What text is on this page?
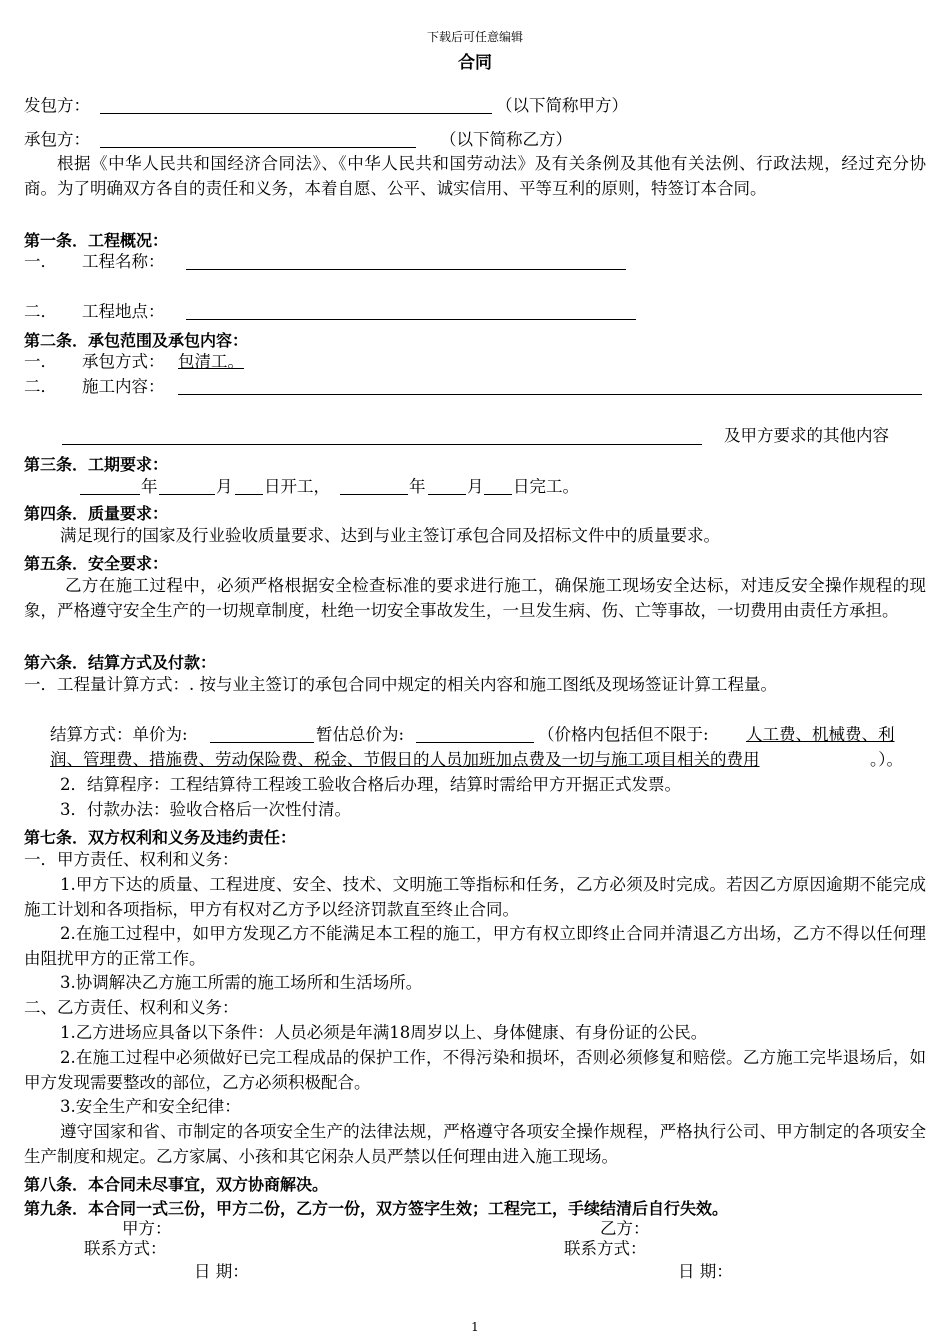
下载后可任意编辑
合同
发包方：	（以下简称甲方）
承包方：	（以下简称乙方）
根据《中华人民共和国经济合同法》、《中华人民共和国劳动法》及有关条例及其他有关法例、行政法规，经过充分协商。为了明确双方各自的责任和义务，本着自愿、公平、诚实信用、平等互利的原则，特签订本合同。
第一条．工程概况：
一． 工程名称：
二． 工程地点：
第二条．承包范围及承包内容：
一． 承包方式： 包清工。
二． 施工内容：
及甲方要求的其他内容
第三条．工期要求：
年	月 日开工，	年	月 日完工。
第四条．质量要求：
满足现行的国家及行业验收质量要求、达到与业主签订承包合同及招标文件中的质量要求。
第五条．安全要求：
乙方在施工过程中，必须严格根据安全检查标准的要求进行施工，确保施工现场安全达标，对违反安全操作规程的现象，严格遵守安全生产的一切规章制度，杜绝一切安全事故发生，一旦发生病、伤、亡等事故，一切费用由责任方承担。
第六条．结算方式及付款：
一．工程量计算方式：. 按与业主签订的承包合同中规定的相关内容和施工图纸及现场签证计算工程量。
结算方式：单价为:	暂估总价为:	（价格内包括但不限于: 人工费、机械费、利
润、管理费、措施费、劳动保险费、税金、节假日的人员加班加点费及一切与施工项目相关的费用	。）。
2．结算程序：工程结算待工程竣工验收合格后办理，结算时需给甲方开据正式发票。
3．付款办法：验收合格后一次性付清。
第七条．双方权利和义务及违约责任：
一．甲方责任、权利和义务：
1.甲方下达的质量、工程进度、安全、技术、文明施工等指标和任务，乙方必须及时完成。若因乙方原因逾期不能完成施工计划和各项指标，甲方有权对乙方予以经济罚款直至终止合同。
2.在施工过程中，如甲方发现乙方不能满足本工程的施工，甲方有权立即终止合同并清退乙方出场，乙方不得以任何理由阻扰甲方的正常工作。
3.协调解决乙方施工所需的施工场所和生活场所。
二、乙方责任、权利和义务：
1.乙方进场应具备以下条件：人员必须是年满18周岁以上、身体健康、有身份证的公民。
2.在施工过程中必须做好已完工程成品的保护工作，不得污染和损坏，否则必须修复和赔偿。乙方施工完毕退场后，如甲方发现需要整改的部位，乙方必须积极配合。
3.安全生产和安全纪律：
遵守国家和省、市制定的各项安全生产的法律法规，严格遵守各项安全操作规程，严格执行公司、甲方制定的各项安全生产制度和规定。乙方家属、小孩和其它闲杂人员严禁以任何理由进入施工现场。
第八条．本合同未尽事宜，双方协商解决。
第九条．本合同一式三份，甲方二份，乙方一份，双方签字生效；工程完工，手续结清后自行失效。
甲方：	乙方：
联系方式：	联系方式：
日 期：	日 期：
1
